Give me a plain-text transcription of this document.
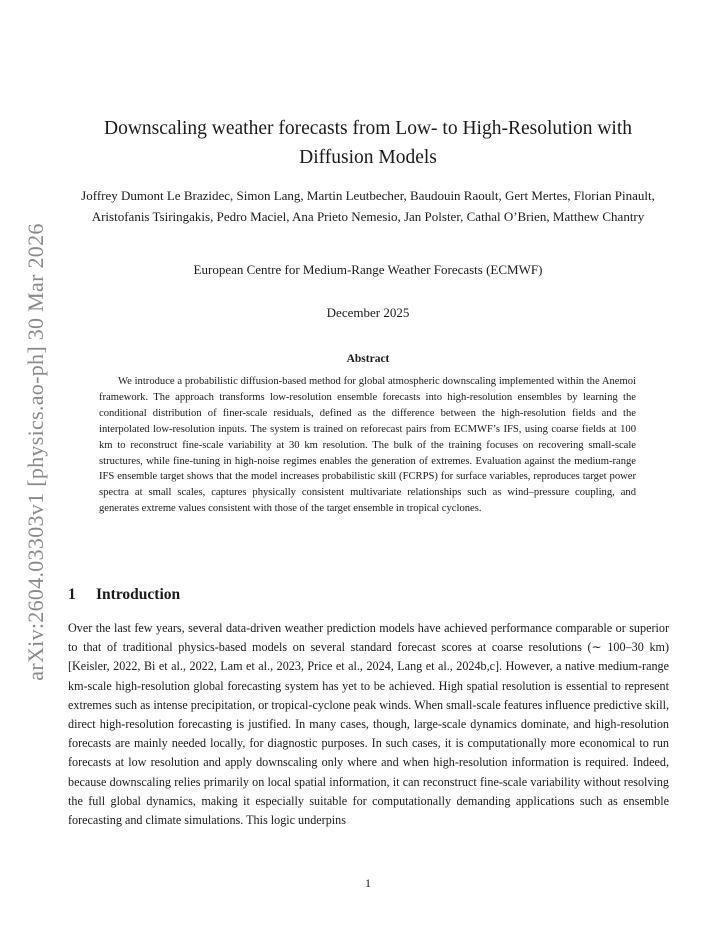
arXiv:2604.03303v1 [physics.ao-ph] 30 Mar 2026
Downscaling weather forecasts from Low- to High-Resolution with Diffusion Models
Joffrey Dumont Le Brazidec, Simon Lang, Martin Leutbecher, Baudouin Raoult, Gert Mertes, Florian Pinault, Aristofanis Tsiringakis, Pedro Maciel, Ana Prieto Nemesio, Jan Polster, Cathal O’Brien, Matthew Chantry
European Centre for Medium-Range Weather Forecasts (ECMWF)
December 2025
Abstract

We introduce a probabilistic diffusion-based method for global atmospheric downscaling implemented within the Anemoi framework. The approach transforms low-resolution ensemble forecasts into high-resolution ensembles by learning the conditional distribution of finer-scale residuals, defined as the difference between the high-resolution fields and the interpolated low-resolution inputs. The system is trained on reforecast pairs from ECMWF’s IFS, using coarse fields at 100 km to reconstruct fine-scale variability at 30 km resolution. The bulk of the training focuses on recovering small-scale structures, while fine-tuning in high-noise regimes enables the generation of extremes. Evaluation against the medium-range IFS ensemble target shows that the model increases probabilistic skill (FCRPS) for surface variables, reproduces target power spectra at small scales, captures physically consistent multivariate relationships such as wind–pressure coupling, and generates extreme values consistent with those of the target ensemble in tropical cyclones.

1 Introduction

Over the last few years, several data-driven weather prediction models have achieved performance comparable or superior to that of traditional physics-based models on several standard forecast scores at coarse resolutions (∼ 100–30 km) [Keisler, 2022, Bi et al., 2022, Lam et al., 2023, Price et al., 2024, Lang et al., 2024b,c]. However, a native medium-range km-scale high-resolution global forecasting system has yet to be achieved. High spatial resolution is essential to represent extremes such as intense precipitation, or tropical-cyclone peak winds. When small-scale features influence predictive skill, direct high-resolution forecasting is justified. In many cases, though, large-scale dynamics dominate, and high-resolution forecasts are mainly needed locally, for diagnostic purposes. In such cases, it is computationally more economical to run forecasts at low resolution and apply downscaling only where and when high-resolution information is required. Indeed, because downscaling relies primarily on local spatial information, it can reconstruct fine-scale variability without resolving the full global dynamics, making it especially suitable for computationally demanding applications such as ensemble forecasting and climate simulations. This logic underpins

1
